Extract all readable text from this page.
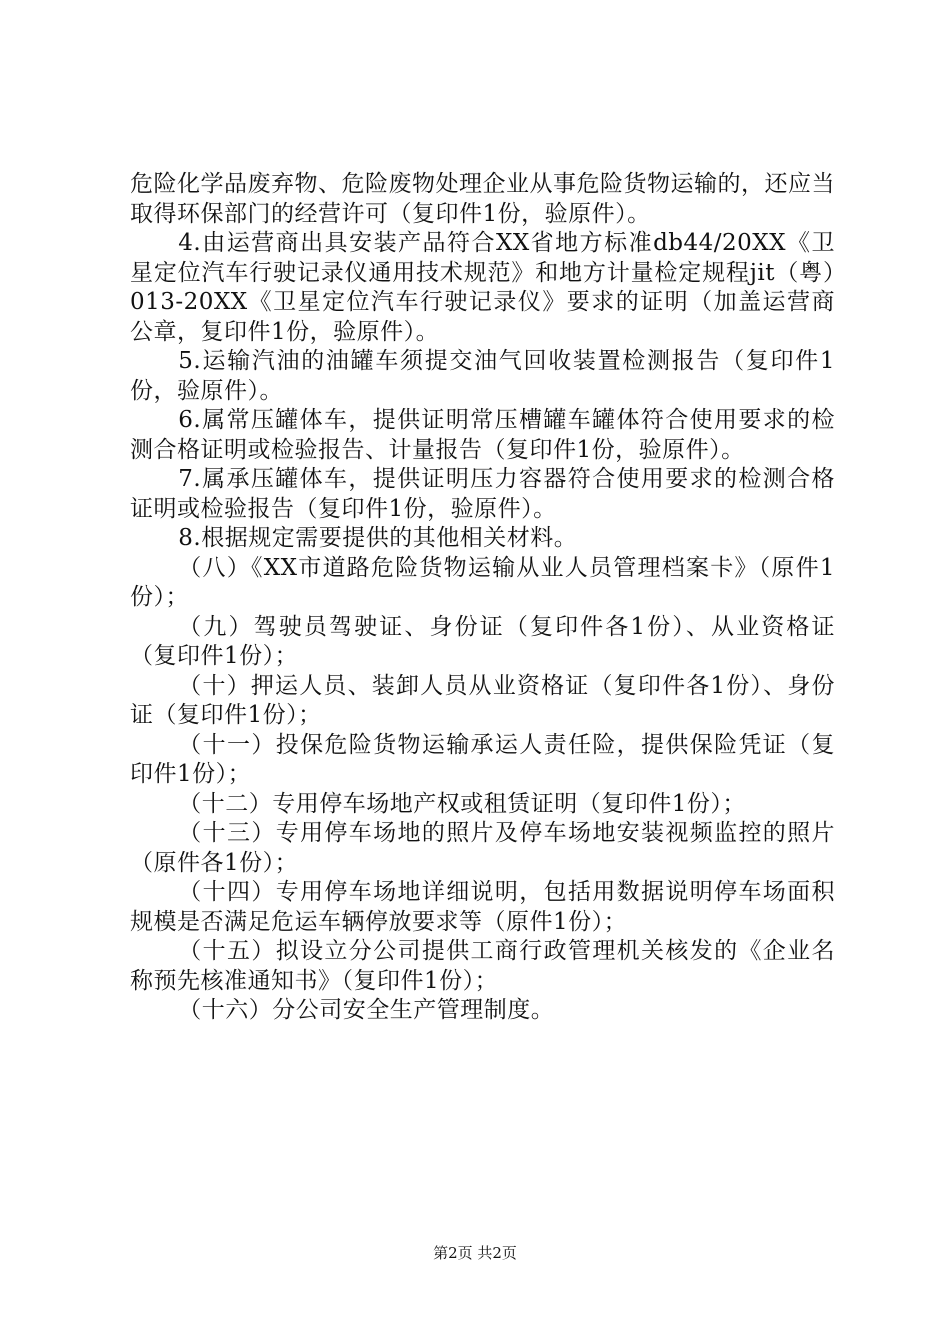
危险化学品废弃物、危险废物处理企业从事危险货物运输的，还应当取得环保部门的经营许可（复印件1份，验原件）。

4.由运营商出具安装产品符合XX省地方标准db44/20XX《卫星定位汽车行驶记录仪通用技术规范》和地方计量检定规程jit（粤）013-20XX《卫星定位汽车行驶记录仪》要求的证明（加盖运营商公章，复印件1份，验原件）。

5.运输汽油的油罐车须提交油气回收装置检测报告（复印件1份，验原件）。

6.属常压罐体车，提供证明常压槽罐车罐体符合使用要求的检测合格证明或检验报告、计量报告（复印件1份，验原件）。

7.属承压罐体车，提供证明压力容器符合使用要求的检测合格证明或检验报告（复印件1份，验原件）。

8.根据规定需要提供的其他相关材料。

（八）《XX市道路危险货物运输从业人员管理档案卡》（原件1份）；

（九）驾驶员驾驶证、身份证（复印件各1份）、从业资格证（复印件1份）；

（十）押运人员、装卸人员从业资格证（复印件各1份）、身份证（复印件1份）；

（十一）投保危险货物运输承运人责任险，提供保险凭证（复印件1份）；

（十二）专用停车场地产权或租赁证明（复印件1份）；

（十三）专用停车场地的照片及停车场地安装视频监控的照片（原件各1份）；

（十四）专用停车场地详细说明，包括用数据说明停车场面积规模是否满足危运车辆停放要求等（原件1份）；

（十五）拟设立分公司提供工商行政管理机关核发的《企业名称预先核准通知书》（复印件1份）；

（十六）分公司安全生产管理制度。

第2页 共2页
